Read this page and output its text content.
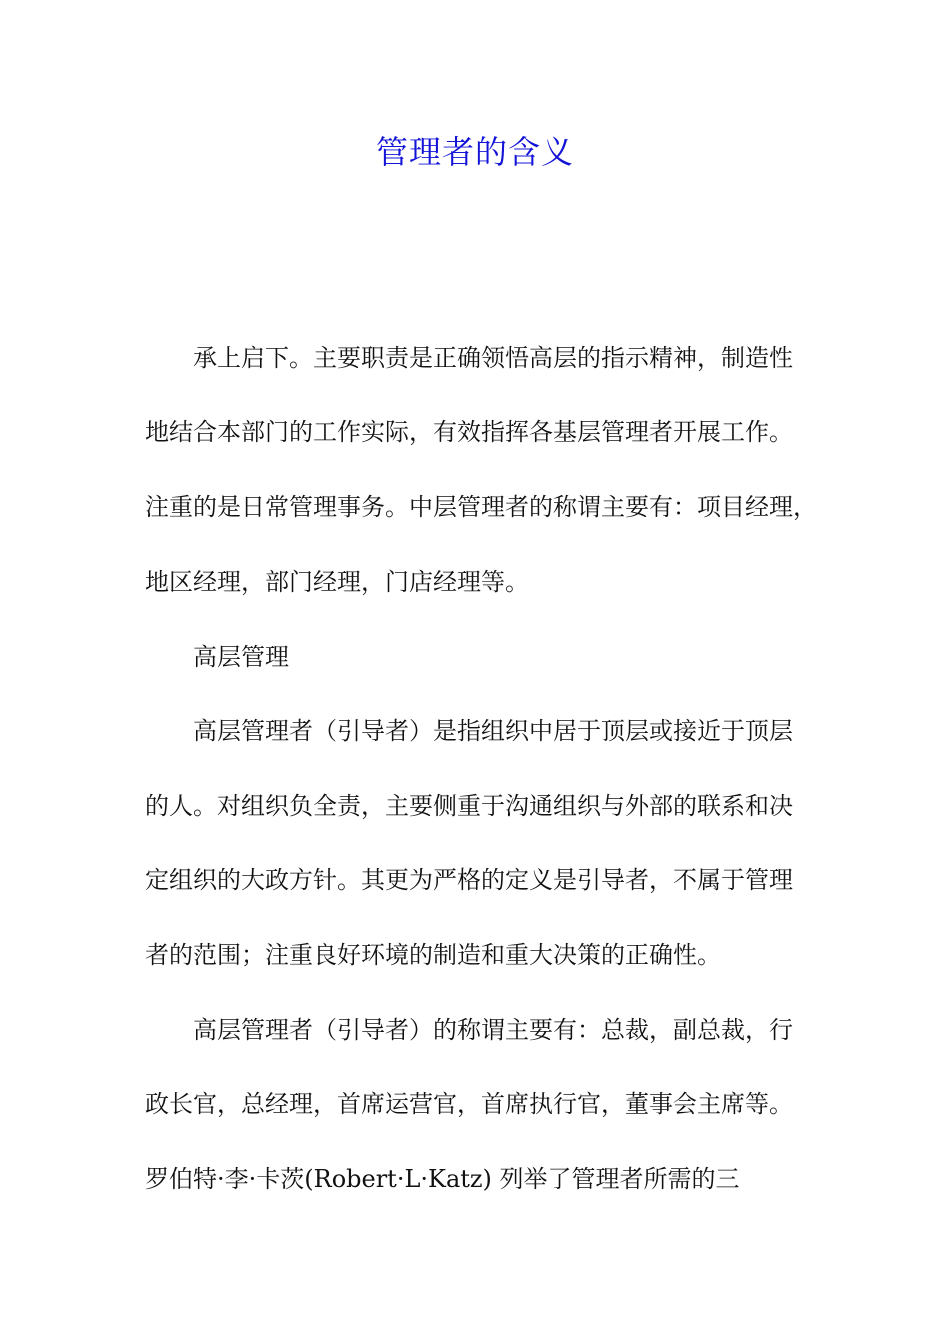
管理者的含义
承上启下。主要职责是正确领悟高层的指示精神，制造性
地结合本部门的工作实际，有效指挥各基层管理者开展工作。
注重的是日常管理事务。中层管理者的称谓主要有：项目经理，
地区经理，部门经理，门店经理等。
高层管理
高层管理者（引导者）是指组织中居于顶层或接近于顶层
的人。对组织负全责，主要侧重于沟通组织与外部的联系和决
定组织的大政方针。其更为严格的定义是引导者，不属于管理
者的范围；注重良好环境的制造和重大决策的正确性。
高层管理者（引导者）的称谓主要有：总裁，副总裁，行
政长官，总经理，首席运营官，首席执行官，董事会主席等。
罗伯特·李·卡茨(Robert·L·Katz) 列举了管理者所需的三
